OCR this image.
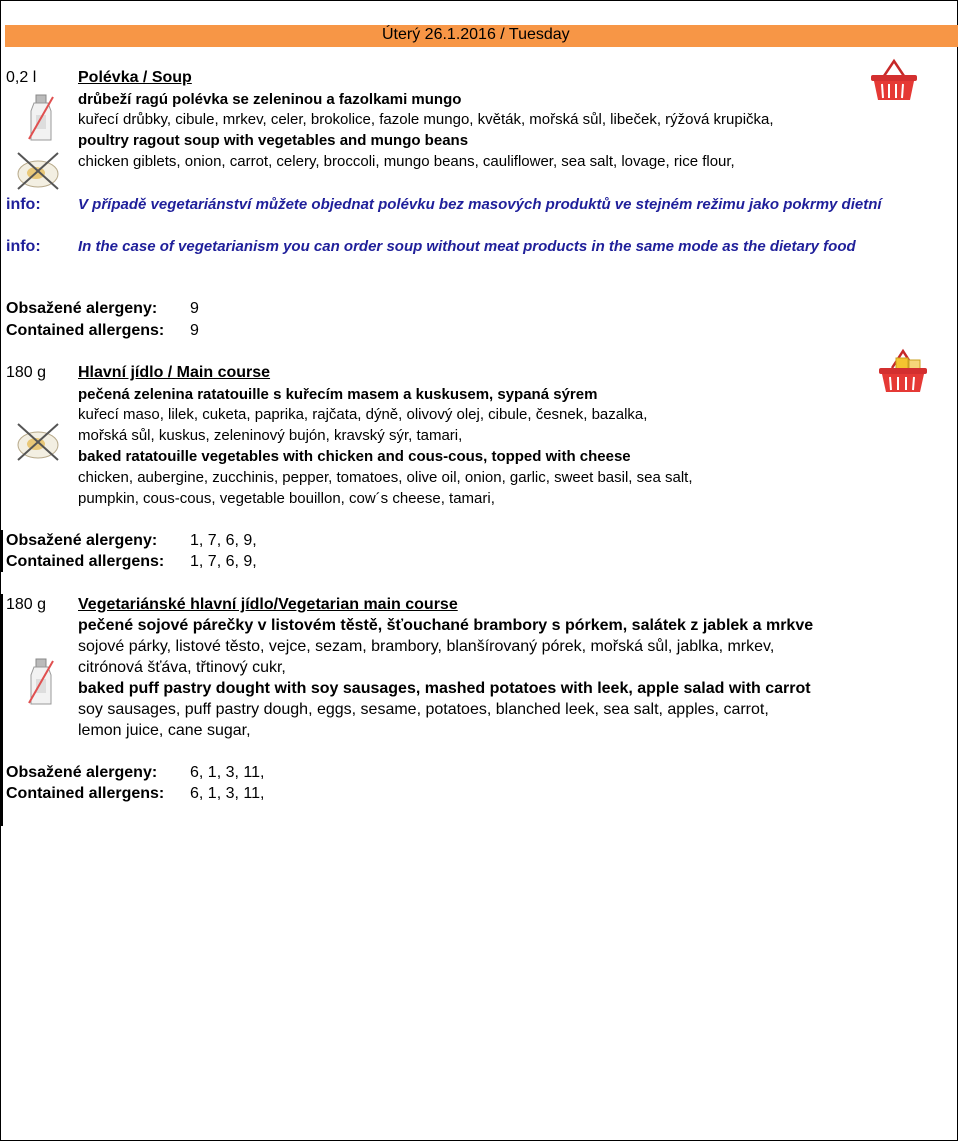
Úterý 26.1.2016 / Tuesday
0,2 l	Polévka / Soup
drůbeží ragú polévka se zeleninou a fazolkami mungo
kuřecí drůbky, cibule, mrkev, celer, brokolice, fazole mungo, květák, mořská sůl, libeček, rýžová krupička,
poultry ragout soup with vegetables and mungo beans
chicken giblets, onion, carrot, celery, broccoli, mungo beans, cauliflower, sea salt, lovage, rice flour,
info: V případě vegetariánství můžete objednat polévku bez masových produktů ve stejném režimu jako pokrmy dietní
info: In the case of vegetarianism you can order soup without meat products in the same mode as the dietary food
Obsažené alergeny: 9
Contained allergens: 9
180 g Hlavní jídlo / Main course
pečená zelenina ratatouille s kuřecím masem a kuskusem, sypaná sýrem
kuřecí maso, lilek, cuketa, paprika, rajčata, dýně, olivový olej, cibule, česnek, bazalka,
mořská sůl, kuskus, zeleninový bujón, kravský sýr, tamari,
baked ratatouille vegetables with chicken and cous-cous, topped with cheese
chicken, aubergine, zucchinis, pepper, tomatoes, olive oil, onion, garlic, sweet basil, sea salt,
pumpkin, cous-cous, vegetable bouillon, cow´s cheese, tamari,
Obsažené alergeny: 1, 7, 6, 9,
Contained allergens: 1, 7, 6, 9,
180 g Vegetariánské hlavní jídlo/Vegetarian main course
pečené sojové párečky v listovém těstě, šťouchané brambory s pórkem, salátek z jablek a mrkve
sojové párky, listové těsto, vejce, sezam, brambory, blanšírovaný pórek, mořská sůl, jablka, mrkev,
citrónová šťáva, třtinový cukr,
baked puff pastry dought with soy sausages, mashed potatoes with leek, apple salad with carrot
soy sausages, puff pastry dough, eggs, sesame, potatoes, blanched leek, sea salt, apples, carrot,
lemon juice, cane sugar,
Obsažené alergeny: 6, 1, 3, 11,
Contained allergens: 6, 1, 3, 11,
